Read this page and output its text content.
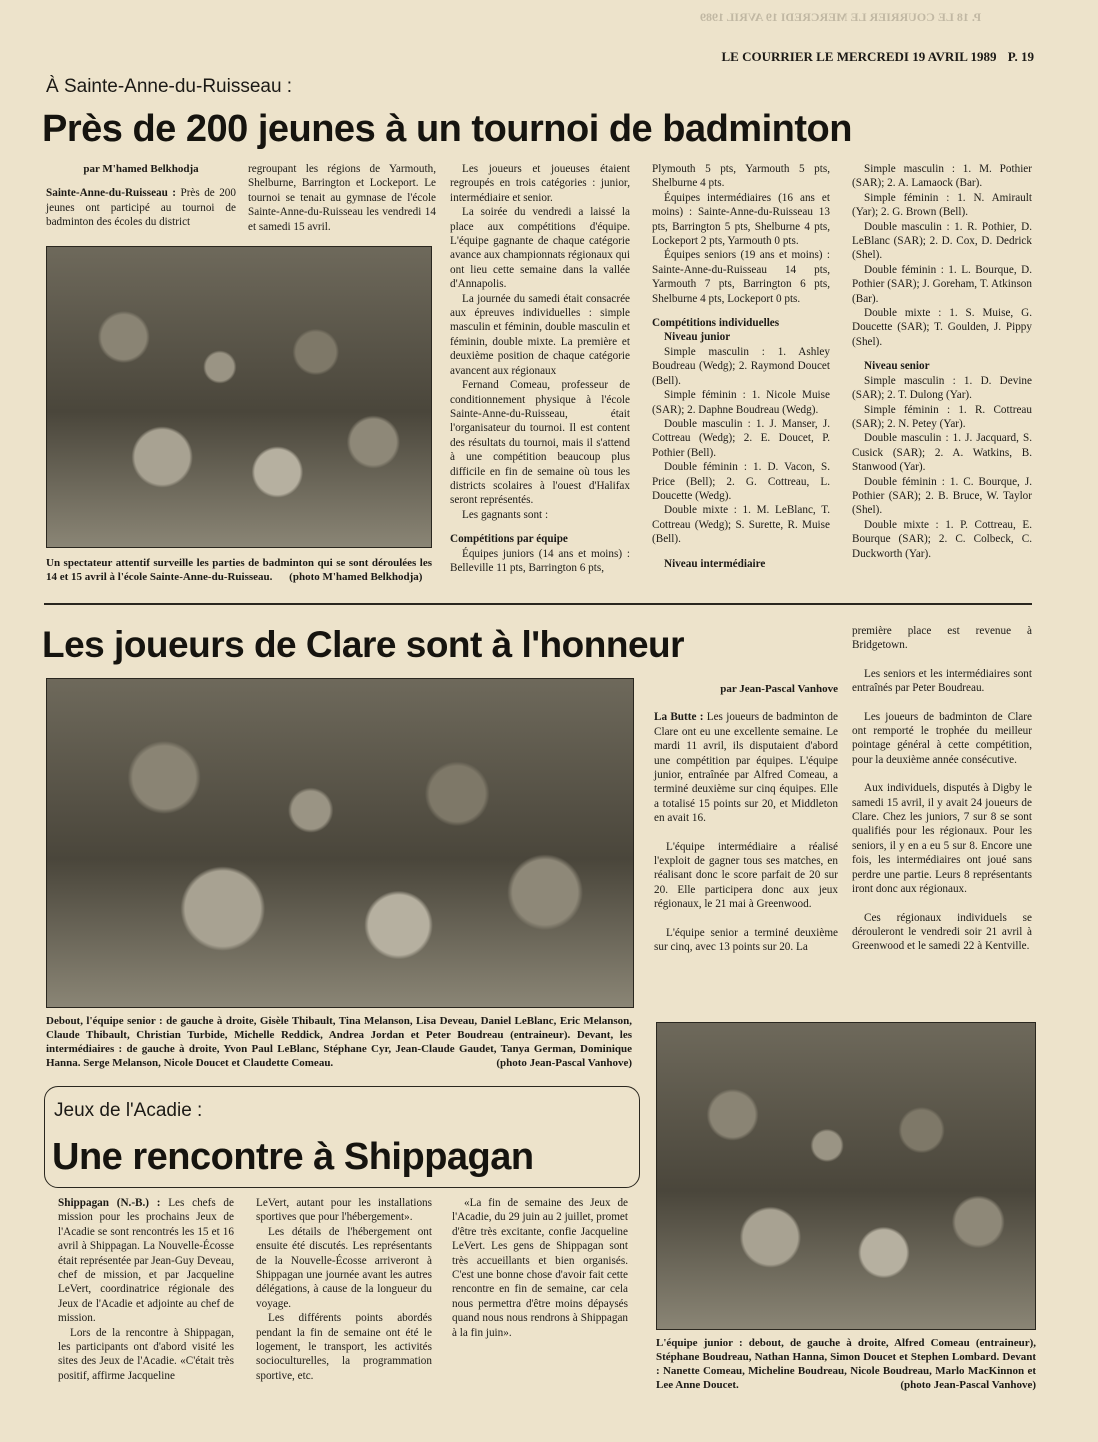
P. 18 LE COURRIER LE MERCREDI 19 AVRIL 1989
LE COURRIER LE MERCREDI 19 AVRIL 1989 P. 19
À Sainte-Anne-du-Ruisseau :
Près de 200 jeunes à un tournoi de badminton

par M'hamed Belkhodja

Sainte-Anne-du-Ruisseau : Près de 200 jeunes ont participé au tournoi de badminton des écoles du district

regroupant les régions de Yarmouth, Shelburne, Barrington et Lockeport. Le tournoi se tenait au gymnase de l'école Sainte-Anne-du-Ruisseau les vendredi 14 et samedi 15 avril.

Un spectateur attentif surveille les parties de badminton qui se sont déroulées les 14 et 15 avril à l'école Sainte-Anne-du-Ruisseau. (photo M'hamed Belkhodja)

Les joueurs et joueuses étaient regroupés en trois catégories : junior, intermédiaire et senior.

La soirée du vendredi a laissé la place aux compétitions d'équipe. L'équipe gagnante de chaque catégorie avance aux championnats régionaux qui ont lieu cette semaine dans la vallée d'Annapolis.

La journée du samedi était consacrée aux épreuves individuelles : simple masculin et féminin, double masculin et féminin, double mixte. La première et deuxième position de chaque catégorie avancent aux régionaux

Fernand Comeau, professeur de conditionnement physique à l'école Sainte-Anne-du-Ruisseau, était l'organisateur du tournoi. Il est content des résultats du tournoi, mais il s'attend à une compétition beaucoup plus difficile en fin de semaine où tous les districts scolaires à l'ouest d'Halifax seront représentés.

Les gagnants sont :

Compétitions par équipe

Équipes juniors (14 ans et moins) : Belleville 11 pts, Barrington 6 pts,

Plymouth 5 pts, Yarmouth 5 pts, Shelburne 4 pts.

Équipes intermédiaires (16 ans et moins) : Sainte-Anne-du-Ruisseau 13 pts, Barrington 5 pts, Shelburne 4 pts, Lockeport 2 pts, Yarmouth 0 pts.

Équipes seniors (19 ans et moins) : Sainte-Anne-du-Ruisseau 14 pts, Yarmouth 7 pts, Barrington 6 pts, Shelburne 4 pts, Lockeport 0 pts.

Compétitions individuelles

Niveau junior

Simple masculin : 1. Ashley Boudreau (Wedg); 2. Raymond Doucet (Bell).

Simple féminin : 1. Nicole Muise (SAR); 2. Daphne Boudreau (Wedg).

Double masculin : 1. J. Manser, J. Cottreau (Wedg); 2. E. Doucet, P. Pothier (Bell).

Double féminin : 1. D. Vacon, S. Price (Bell); 2. G. Cottreau, L. Doucette (Wedg).

Double mixte : 1. M. LeBlanc, T. Cottreau (Wedg); S. Surette, R. Muise (Bell).

Niveau intermédiaire

Simple masculin : 1. M. Pothier (SAR); 2. A. Lamaock (Bar).

Simple féminin : 1. N. Amirault (Yar); 2. G. Brown (Bell).

Double masculin : 1. R. Pothier, D. LeBlanc (SAR); 2. D. Cox, D. Dedrick (Shel).

Double féminin : 1. L. Bourque, D. Pothier (SAR); J. Goreham, T. Atkinson (Bar).

Double mixte : 1. S. Muise, G. Doucette (SAR); T. Goulden, J. Pippy (Shel).

Niveau senior

Simple masculin : 1. D. Devine (SAR); 2. T. Dulong (Yar).

Simple féminin : 1. R. Cottreau (SAR); 2. N. Petey (Yar).

Double masculin : 1. J. Jacquard, S. Cusick (SAR); 2. A. Watkins, B. Stanwood (Yar).

Double féminin : 1. C. Bourque, J. Pothier (SAR); 2. B. Bruce, W. Taylor (Shel).

Double mixte : 1. P. Cottreau, E. Bourque (SAR); 2. C. Colbeck, C. Duckworth (Yar).

Les joueurs de Clare sont à l'honneur

par Jean-Pascal Vanhove

La Butte : Les joueurs de badminton de Clare ont eu une excellente semaine. Le mardi 11 avril, ils disputaient d'abord une compétition par équipes. L'équipe junior, entraînée par Alfred Comeau, a terminé deuxième sur cinq équipes. Elle a totalisé 15 points sur 20, et Middleton en avait 16.

L'équipe intermédiaire a réalisé l'exploit de gagner tous ses matches, en réalisant donc le score parfait de 20 sur 20. Elle participera donc aux jeux régionaux, le 21 mai à Greenwood.

L'équipe senior a terminé deuxième sur cinq, avec 13 points sur 20. La

première place est revenue à Bridgetown.

Les seniors et les intermédiaires sont entraînés par Peter Boudreau.

Les joueurs de badminton de Clare ont remporté le trophée du meilleur pointage général à cette compétition, pour la deuxième année consécutive.

Aux individuels, disputés à Digby le samedi 15 avril, il y avait 24 joueurs de Clare. Chez les juniors, 7 sur 8 se sont qualifiés pour les régionaux. Pour les seniors, il y en a eu 5 sur 8. Encore une fois, les intermédiaires ont joué sans perdre une partie. Leurs 8 représentants iront donc aux régionaux.

Ces régionaux individuels se dérouleront le vendredi soir 21 avril à Greenwood et le samedi 22 à Kentville.

Debout, l'équipe senior : de gauche à droite, Gisèle Thibault, Tina Melanson, Lisa Deveau, Daniel LeBlanc, Eric Melanson, Claude Thibault, Christian Turbide, Michelle Reddick, Andrea Jordan et Peter Boudreau (entraineur). Devant, les intermédiaires : de gauche à droite, Yvon Paul LeBlanc, Stéphane Cyr, Jean-Claude Gaudet, Tanya German, Dominique Hanna. Serge Melanson, Nicole Doucet et Claudette Comeau.	(photo Jean-Pascal Vanhove)
L'équipe junior : debout, de gauche à droite, Alfred Comeau (entraineur), Stéphane Boudreau, Nathan Hanna, Simon Doucet et Stephen Lombard. Devant : Nanette Comeau, Micheline Boudreau, Nicole Boudreau, Marlo MacKinnon et Lee Anne Doucet.	(photo Jean-Pascal Vanhove)
Jeux de l'Acadie :
Une rencontre à Shippagan

Shippagan (N.-B.) : Les chefs de mission pour les prochains Jeux de l'Acadie se sont rencontrés les 15 et 16 avril à Shippagan. La Nouvelle-Écosse était représentée par Jean-Guy Deveau, chef de mission, et par Jacqueline LeVert, coordinatrice régionale des Jeux de l'Acadie et adjointe au chef de mission.

Lors de la rencontre à Shippagan, les participants ont d'abord visité les sites des Jeux de l'Acadie. «C'était très positif, affirme Jacqueline

LeVert, autant pour les installations sportives que pour l'hébergement».

Les détails de l'hébergement ont ensuite été discutés. Les représentants de la Nouvelle-Écosse arriveront à Shippagan une journée avant les autres délégations, à cause de la longueur du voyage.

Les différents points abordés pendant la fin de semaine ont été le logement, le transport, les activités socioculturelles, la programmation sportive, etc.

«La fin de semaine des Jeux de l'Acadie, du 29 juin au 2 juillet, promet d'être très excitante, confie Jacqueline LeVert. Les gens de Shippagan sont très accueillants et bien organisés. C'est une bonne chose d'avoir fait cette rencontre en fin de semaine, car cela nous permettra d'être moins dépaysés quand nous nous rendrons à Shippagan à la fin juin».
